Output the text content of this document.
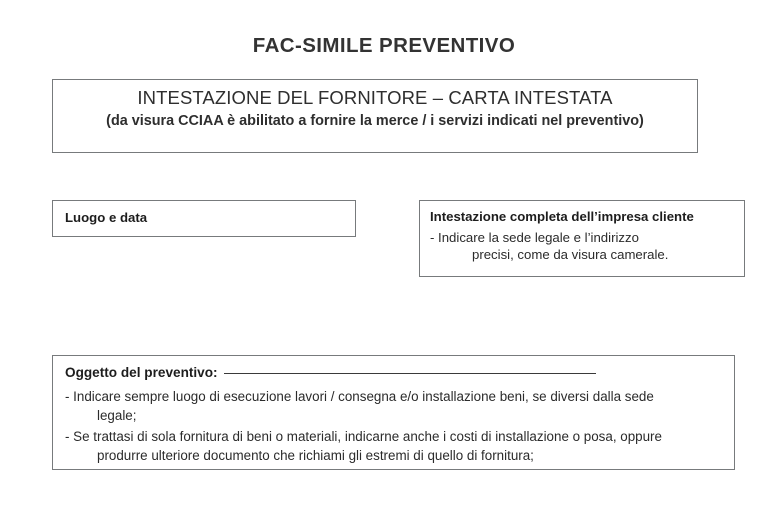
FAC-SIMILE PREVENTIVO
INTESTAZIONE DEL FORNITORE – CARTA INTESTATA
(da visura CCIAA è abilitato a fornire la merce / i servizi indicati nel preventivo)
Luogo e data	Intestazione completa dell’impresa cliente
- Indicare la sede legale e l’indirizzo
precisi, come da visura camerale.
Oggetto del preventivo:
- Indicare sempre luogo di esecuzione lavori / consegna e/o installazione beni, se diversi dalla sede
legale;
- Se trattasi di sola fornitura di beni o materiali, indicarne anche i costi di installazione o posa, oppure
produrre ulteriore documento che richiami gli estremi di quello di fornitura;
